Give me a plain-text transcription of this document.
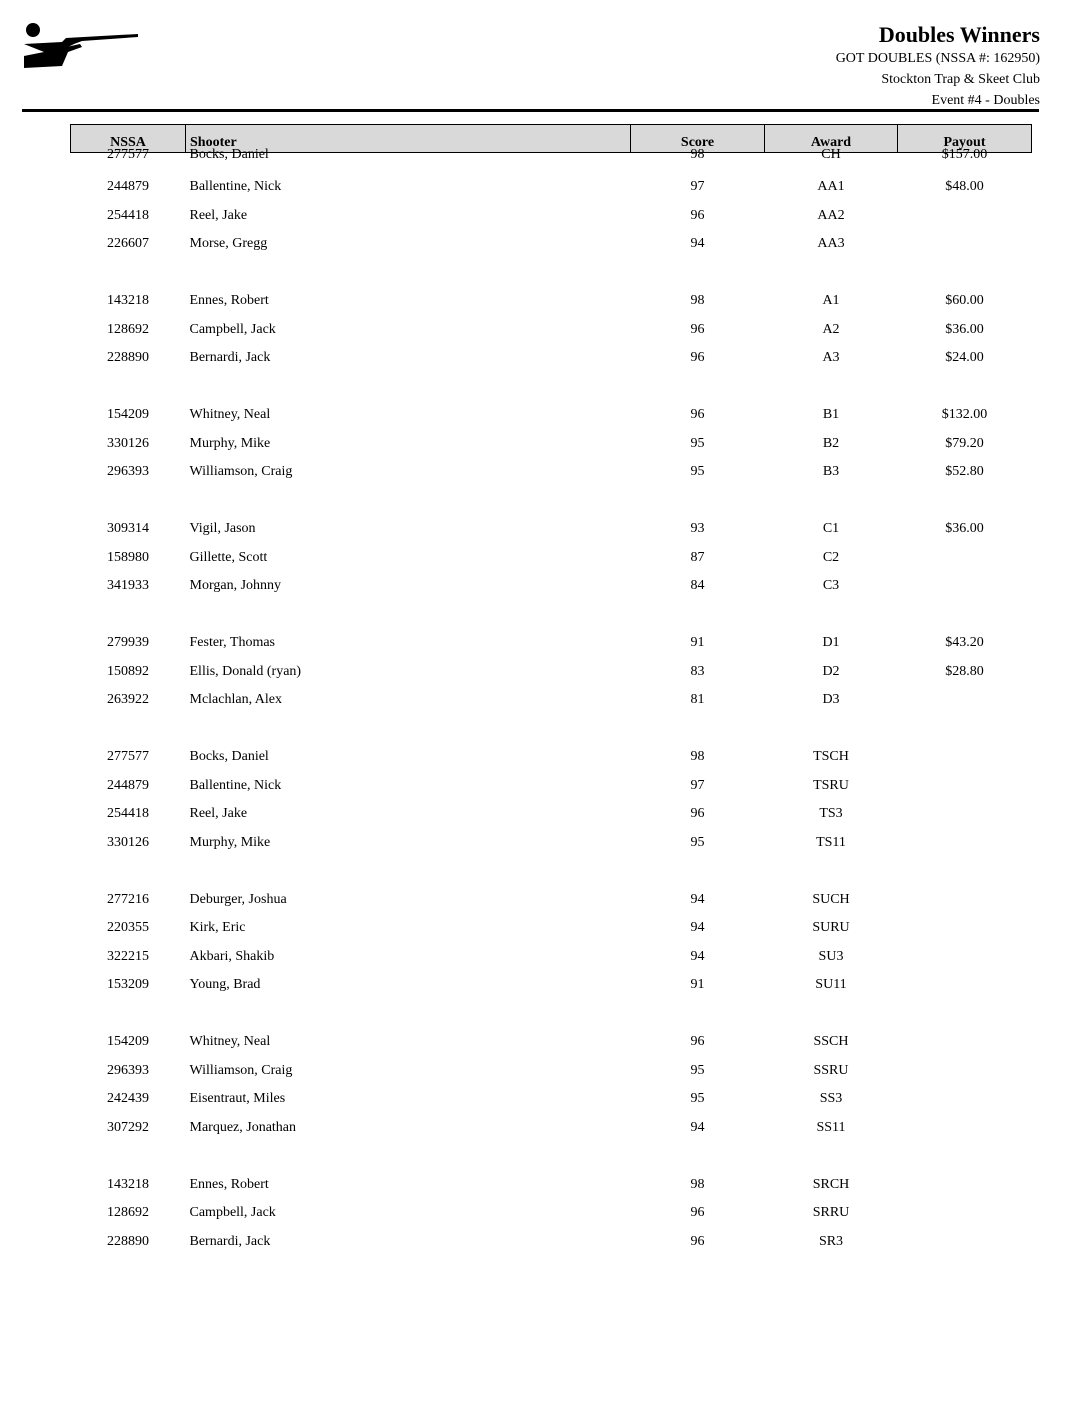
Doubles Winners
GOT DOUBLES (NSSA #: 162950)
Stockton Trap & Skeet Club
Event #4 - Doubles
NSSA	Shooter	Score	Award	Payout
277577	Bocks, Daniel	98	CH	$157.00
244879	Ballentine, Nick	97	AA1	$48.00
254418	Reel, Jake	96	AA2	
226607	Morse, Gregg	94	AA3	

143218	Ennes, Robert	98	A1	$60.00
128692	Campbell, Jack	96	A2	$36.00
228890	Bernardi, Jack	96	A3	$24.00

154209	Whitney, Neal	96	B1	$132.00
330126	Murphy, Mike	95	B2	$79.20
296393	Williamson, Craig	95	B3	$52.80

309314	Vigil, Jason	93	C1	$36.00
158980	Gillette, Scott	87	C2	
341933	Morgan, Johnny	84	C3	

279939	Fester, Thomas	91	D1	$43.20
150892	Ellis, Donald (ryan)	83	D2	$28.80
263922	Mclachlan, Alex	81	D3	

277577	Bocks, Daniel	98	TSCH	
244879	Ballentine, Nick	97	TSRU	
254418	Reel, Jake	96	TS3	
330126	Murphy, Mike	95	TS11	

277216	Deburger, Joshua	94	SUCH	
220355	Kirk, Eric	94	SURU	
322215	Akbari, Shakib	94	SU3	
153209	Young, Brad	91	SU11	

154209	Whitney, Neal	96	SSCH	
296393	Williamson, Craig	95	SSRU	
242439	Eisentraut, Miles	95	SS3	
307292	Marquez, Jonathan	94	SS11	

143218	Ennes, Robert	98	SRCH	
128692	Campbell, Jack	96	SRRU	
228890	Bernardi, Jack	96	SR3	
